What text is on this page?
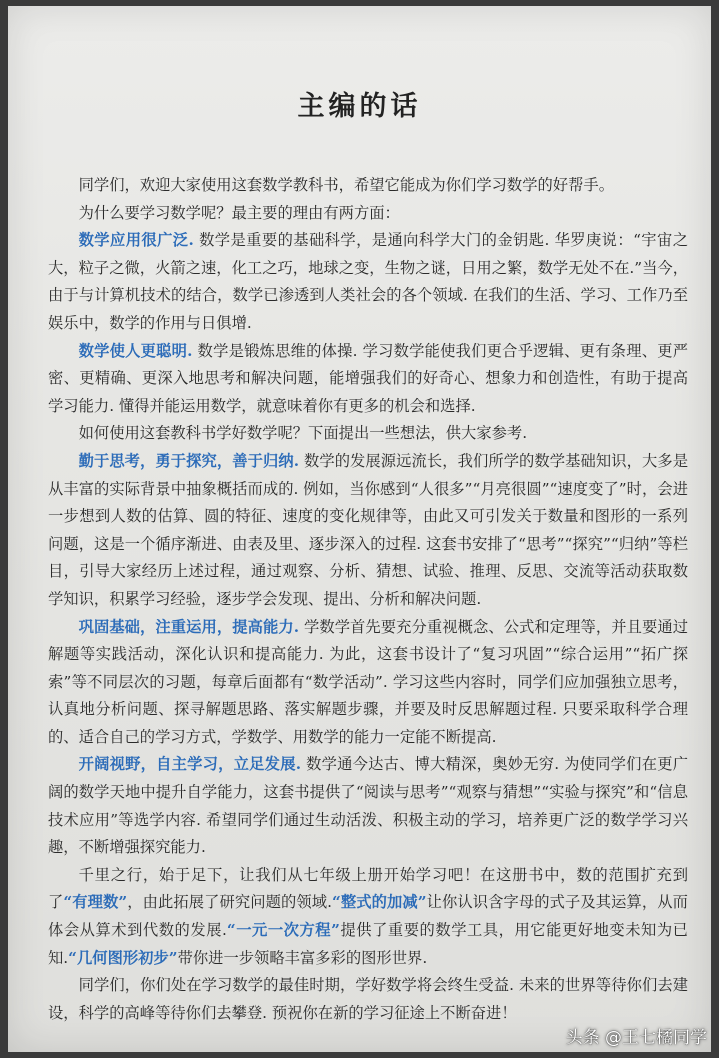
主编的话

同学们，欢迎大家使用这套数学教科书，希望它能成为你们学习数学的好帮手。

为什么要学习数学呢？最主要的理由有两方面：

数学应用很广泛. 数学是重要的基础科学，是通向科学大门的金钥匙. 华罗庚说：“宇宙之大，粒子之微，火箭之速，化工之巧，地球之变，生物之谜，日用之繁，数学无处不在.”当今，由于与计算机技术的结合，数学已渗透到人类社会的各个领域. 在我们的生活、学习、工作乃至娱乐中，数学的作用与日俱增.

数学使人更聪明. 数学是锻炼思维的体操. 学习数学能使我们更合乎逻辑、更有条理、更严密、更精确、更深入地思考和解决问题，能增强我们的好奇心、想象力和创造性，有助于提高学习能力. 懂得并能运用数学，就意味着你有更多的机会和选择.

如何使用这套教科书学好数学呢？下面提出一些想法，供大家参考.

勤于思考，勇于探究，善于归纳. 数学的发展源远流长，我们所学的数学基础知识，大多是从丰富的实际背景中抽象概括而成的. 例如，当你感到“人很多”“月亮很圆”“速度变了”时，会进一步想到人数的估算、圆的特征、速度的变化规律等，由此又可引发关于数量和图形的一系列问题，这是一个循序渐进、由表及里、逐步深入的过程. 这套书安排了“思考”“探究”“归纳”等栏目，引导大家经历上述过程，通过观察、分析、猜想、试验、推理、反思、交流等活动获取数学知识，积累学习经验，逐步学会发现、提出、分析和解决问题.

巩固基础，注重运用，提高能力. 学数学首先要充分重视概念、公式和定理等，并且要通过解题等实践活动，深化认识和提高能力. 为此，这套书设计了“复习巩固”“综合运用”“拓广探索”等不同层次的习题，每章后面都有“数学活动”. 学习这些内容时，同学们应加强独立思考，认真地分析问题、探寻解题思路、落实解题步骤，并要及时反思解题过程. 只要采取科学合理的、适合自己的学习方式，学数学、用数学的能力一定能不断提高.

开阔视野，自主学习，立足发展. 数学通今达古、博大精深，奥妙无穷. 为使同学们在更广阔的数学天地中提升自学能力，这套书提供了“阅读与思考”“观察与猜想”“实验与探究”和“信息技术应用”等选学内容. 希望同学们通过生动活泼、积极主动的学习，培养更广泛的数学学习兴趣，不断增强探究能力.

千里之行，始于足下，让我们从七年级上册开始学习吧！在这册书中，数的范围扩充到了“有理数”，由此拓展了研究问题的领域.“整式的加减”让你认识含字母的式子及其运算，从而体会从算术到代数的发展.“一元一次方程”提供了重要的数学工具，用它能更好地变未知为已知.“几何图形初步”带你进一步领略丰富多彩的图形世界.

同学们，你们处在学习数学的最佳时期，学好数学将会终生受益. 未来的世界等待你们去建设，科学的高峰等待你们去攀登. 预祝你在新的学习征途上不断奋进！

头条 @王七橘同学
